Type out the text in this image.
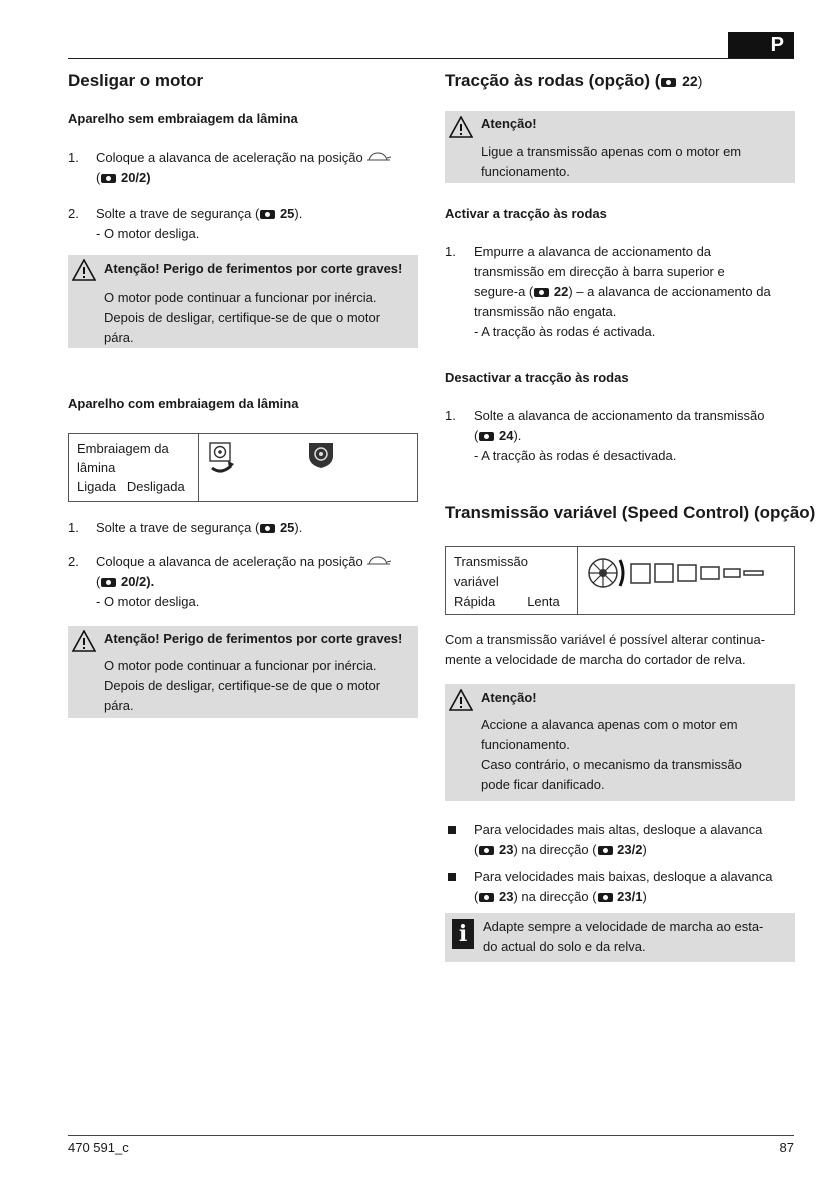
P
Desligar o motor
Aparelho sem embraiagem da lâmina
1. Coloque a alavanca de aceleração na posição
( 20/2)
2. Solte a trave de segurança ( 25).
- O motor desliga.
Atenção! Perigo de ferimentos por corte graves!
O motor pode continuar a funcionar por inércia.
Depois de desligar, certifique-se de que o motor
pára.
Aparelho com embraiagem da lâmina
Embraiagem da
lâmina
Ligada Desligada
1. Solte a trave de segurança ( 25).
2. Coloque a alavanca de aceleração na posição
( 20/2).
- O motor desliga.
Atenção! Perigo de ferimentos por corte graves!
O motor pode continuar a funcionar por inércia.
Depois de desligar, certifique-se de que o motor
pára.
Tracção às rodas (opção) ( 22)
Atenção!
Ligue a transmissão apenas com o motor em
funcionamento.
Activar a tracção às rodas
1. Empurre a alavanca de accionamento da
transmissão em direcção à barra superior e
segure-a ( 22) – a alavanca de accionamento da
transmissão não engata.
- A tracção às rodas é activada.
Desactivar a tracção às rodas
1. Solte a alavanca de accionamento da transmissão
( 24).
- A tracção às rodas é desactivada.
Transmissão variável (Speed Control) (opção)
Transmissão
variável
Rápida Lenta
Com a transmissão variável é possível alterar continua-
mente a velocidade de marcha do cortador de relva.
Atenção!
Accione a alavanca apenas com o motor em
funcionamento.
Caso contrário, o mecanismo da transmissão
pode ficar danificado.
Para velocidades mais altas, desloque a alavanca
( 23) na direcção ( 23/2)
Para velocidades mais baixas, desloque a alavanca
( 23) na direcção ( 23/1)
i	Adapte sempre a velocidade de marcha ao esta-
do actual do solo e da relva.
470 591_c	87
